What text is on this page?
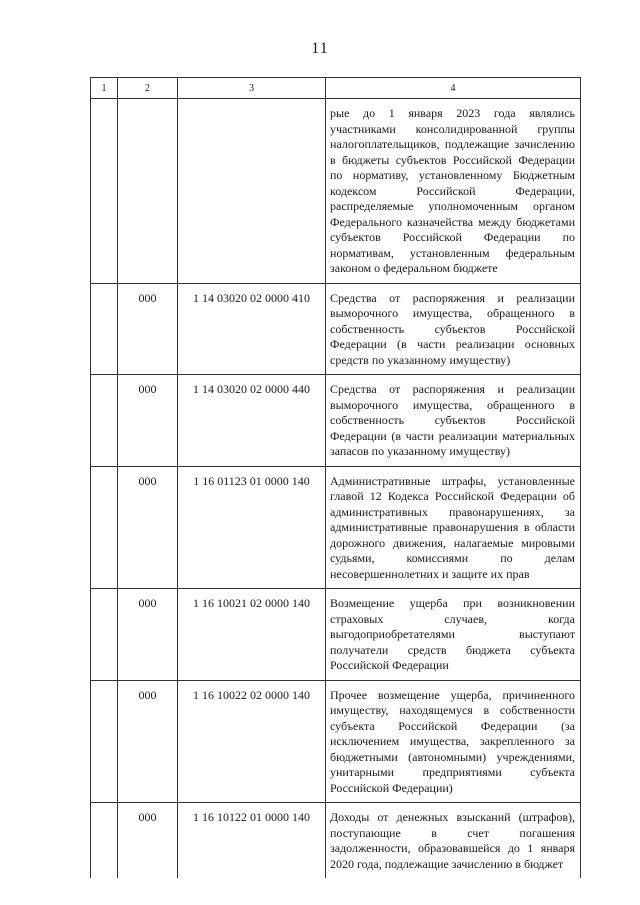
11
1	2	3	4
			рые до 1 января 2023 года являлись участниками консолидированной группы налогоплательщиков, подлежащие зачислению в бюджеты субъектов Российской Федерации по нормативу, установленному Бюджетным кодексом Российской Федерации, распределяемые уполномоченным органом Федерального казначейства между бюджетами субъектов Российской Федерации по нормативам, установленным федеральным законом о федеральном бюджете
	000	1 14 03020 02 0000 410	Средства от распоряжения и реализации выморочного имущества, обращенного в собственность субъектов Российской Федерации (в части реализации основных средств по указанному имуществу)
	000	1 14 03020 02 0000 440	Средства от распоряжения и реализации выморочного имущества, обращенного в собственность субъектов Российской Федерации (в части реализации материальных запасов по указанному имуществу)
	000	1 16 01123 01 0000 140	Административные штрафы, установленные главой 12 Кодекса Российской Федерации об административных правонарушениях, за административные правонарушения в области дорожного движения, налагаемые мировыми судьями, комиссиями по делам несовершеннолетних и защите их прав
	000	1 16 10021 02 0000 140	Возмещение ущерба при возникновении страховых случаев, когда выгодоприобретателями выступают получатели средств бюджета субъекта Российской Федерации
	000	1 16 10022 02 0000 140	Прочее возмещение ущерба, причиненного имуществу, находящемуся в собственности субъекта Российской Федерации (за исключением имущества, закрепленного за бюджетными (автономными) учреждениями, унитарными предприятиями субъекта Российской Федерации)
	000	1 16 10122 01 0000 140	Доходы от денежных взысканий (штрафов), поступающие в счет погашения задолженности, образовавшейся до 1 января 2020 года, подлежащие зачислению в бюджет
